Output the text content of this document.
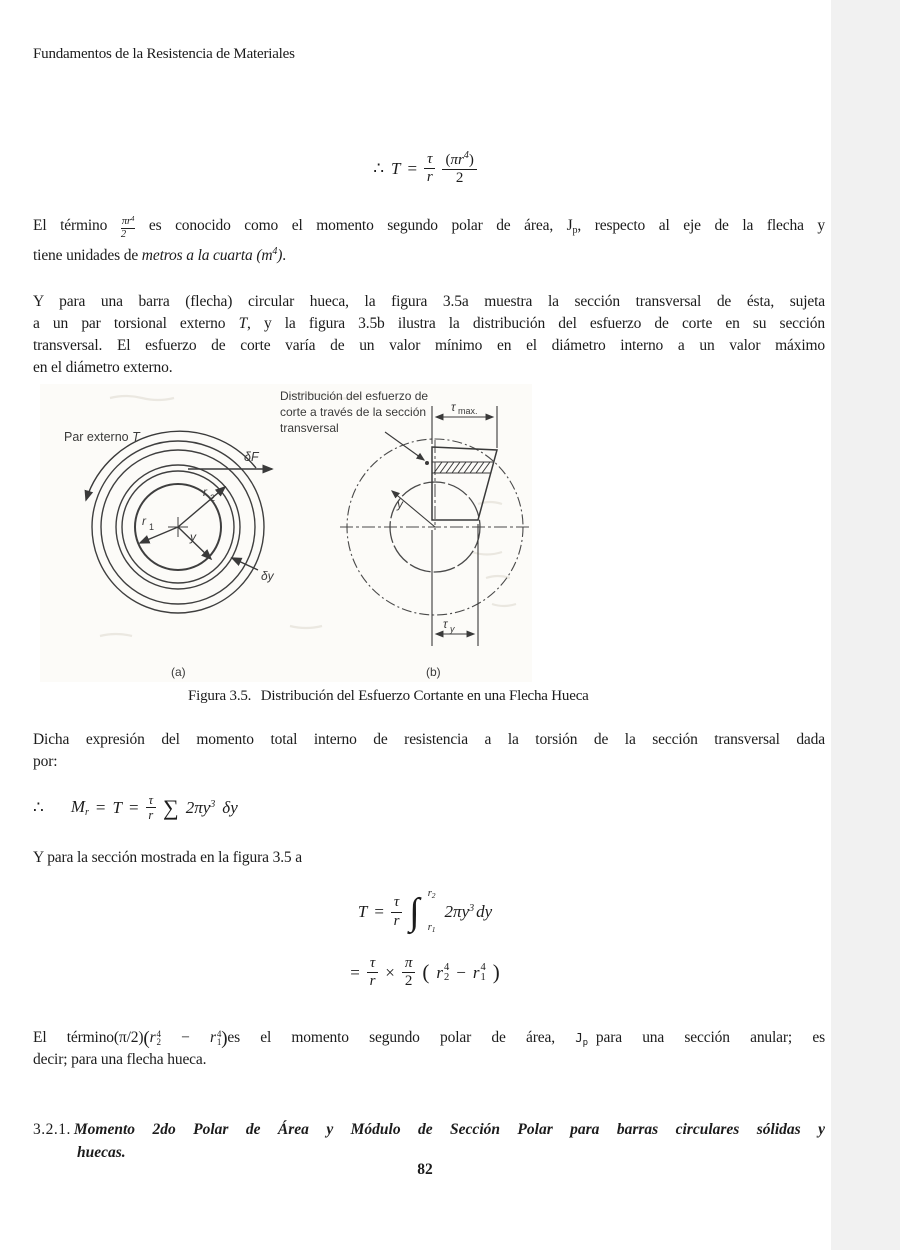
Fundamentos de la Resistencia de Materiales
∴ $T = \frac{\tau}{r} (\pi r^4)$
2
El término $\frac{\pi r^4}{2}$ es conocido como el momento segundo polar de área, $J_p$, respecto al eje de la flecha y
tiene unidades de metros a la cuarta $(m^4)$.
Y para una barra (flecha) circular hueca, la figura 3.5a muestra la sección transversal de ésta, sujeta
a un par torsional externo T, y la figura 3.5b ilustra la distribución del esfuerzo de corte en su sección
transversal. El esfuerzo de corte varía de un valor mínimo en el diámetro interno a un valor máximo
en el diámetro externo.
Par externo T
δF
r 2
r 1
y
δy
(a)
Distribución del esfuerzo de
corte a través de la sección
transversal
τ max.
τ y
y
(b)
Figura 3.5. Distribución del Esfuerzo Cortante en una Flecha Hueca
Dicha expresión del momento total interno de resistencia a la torsión de la sección transversal dada
por:
∴ $M_r = T = \frac{\tau}{r}$ ∑ $2\pi y^3$ δy
Y para la sección mostrada en la figura 3.5 a
$T = \frac{\tau}{r}$ ∫ $r_2$
$r_1$
$2\pi y^3$ dy
= $\frac{\tau}{r} \times \frac{\pi}{2}$ ( r 4
2 − r 4
1 )
El término(π/2)( r 4
2 − r 4
1 )es el momento segundo polar de área, $J_p$ para una sección anular; es
decir; para una flecha hueca.
3.2.1. Momento 2do Polar de Área y Módulo de Sección Polar para barras circulares sólidas y
huecas.
82
